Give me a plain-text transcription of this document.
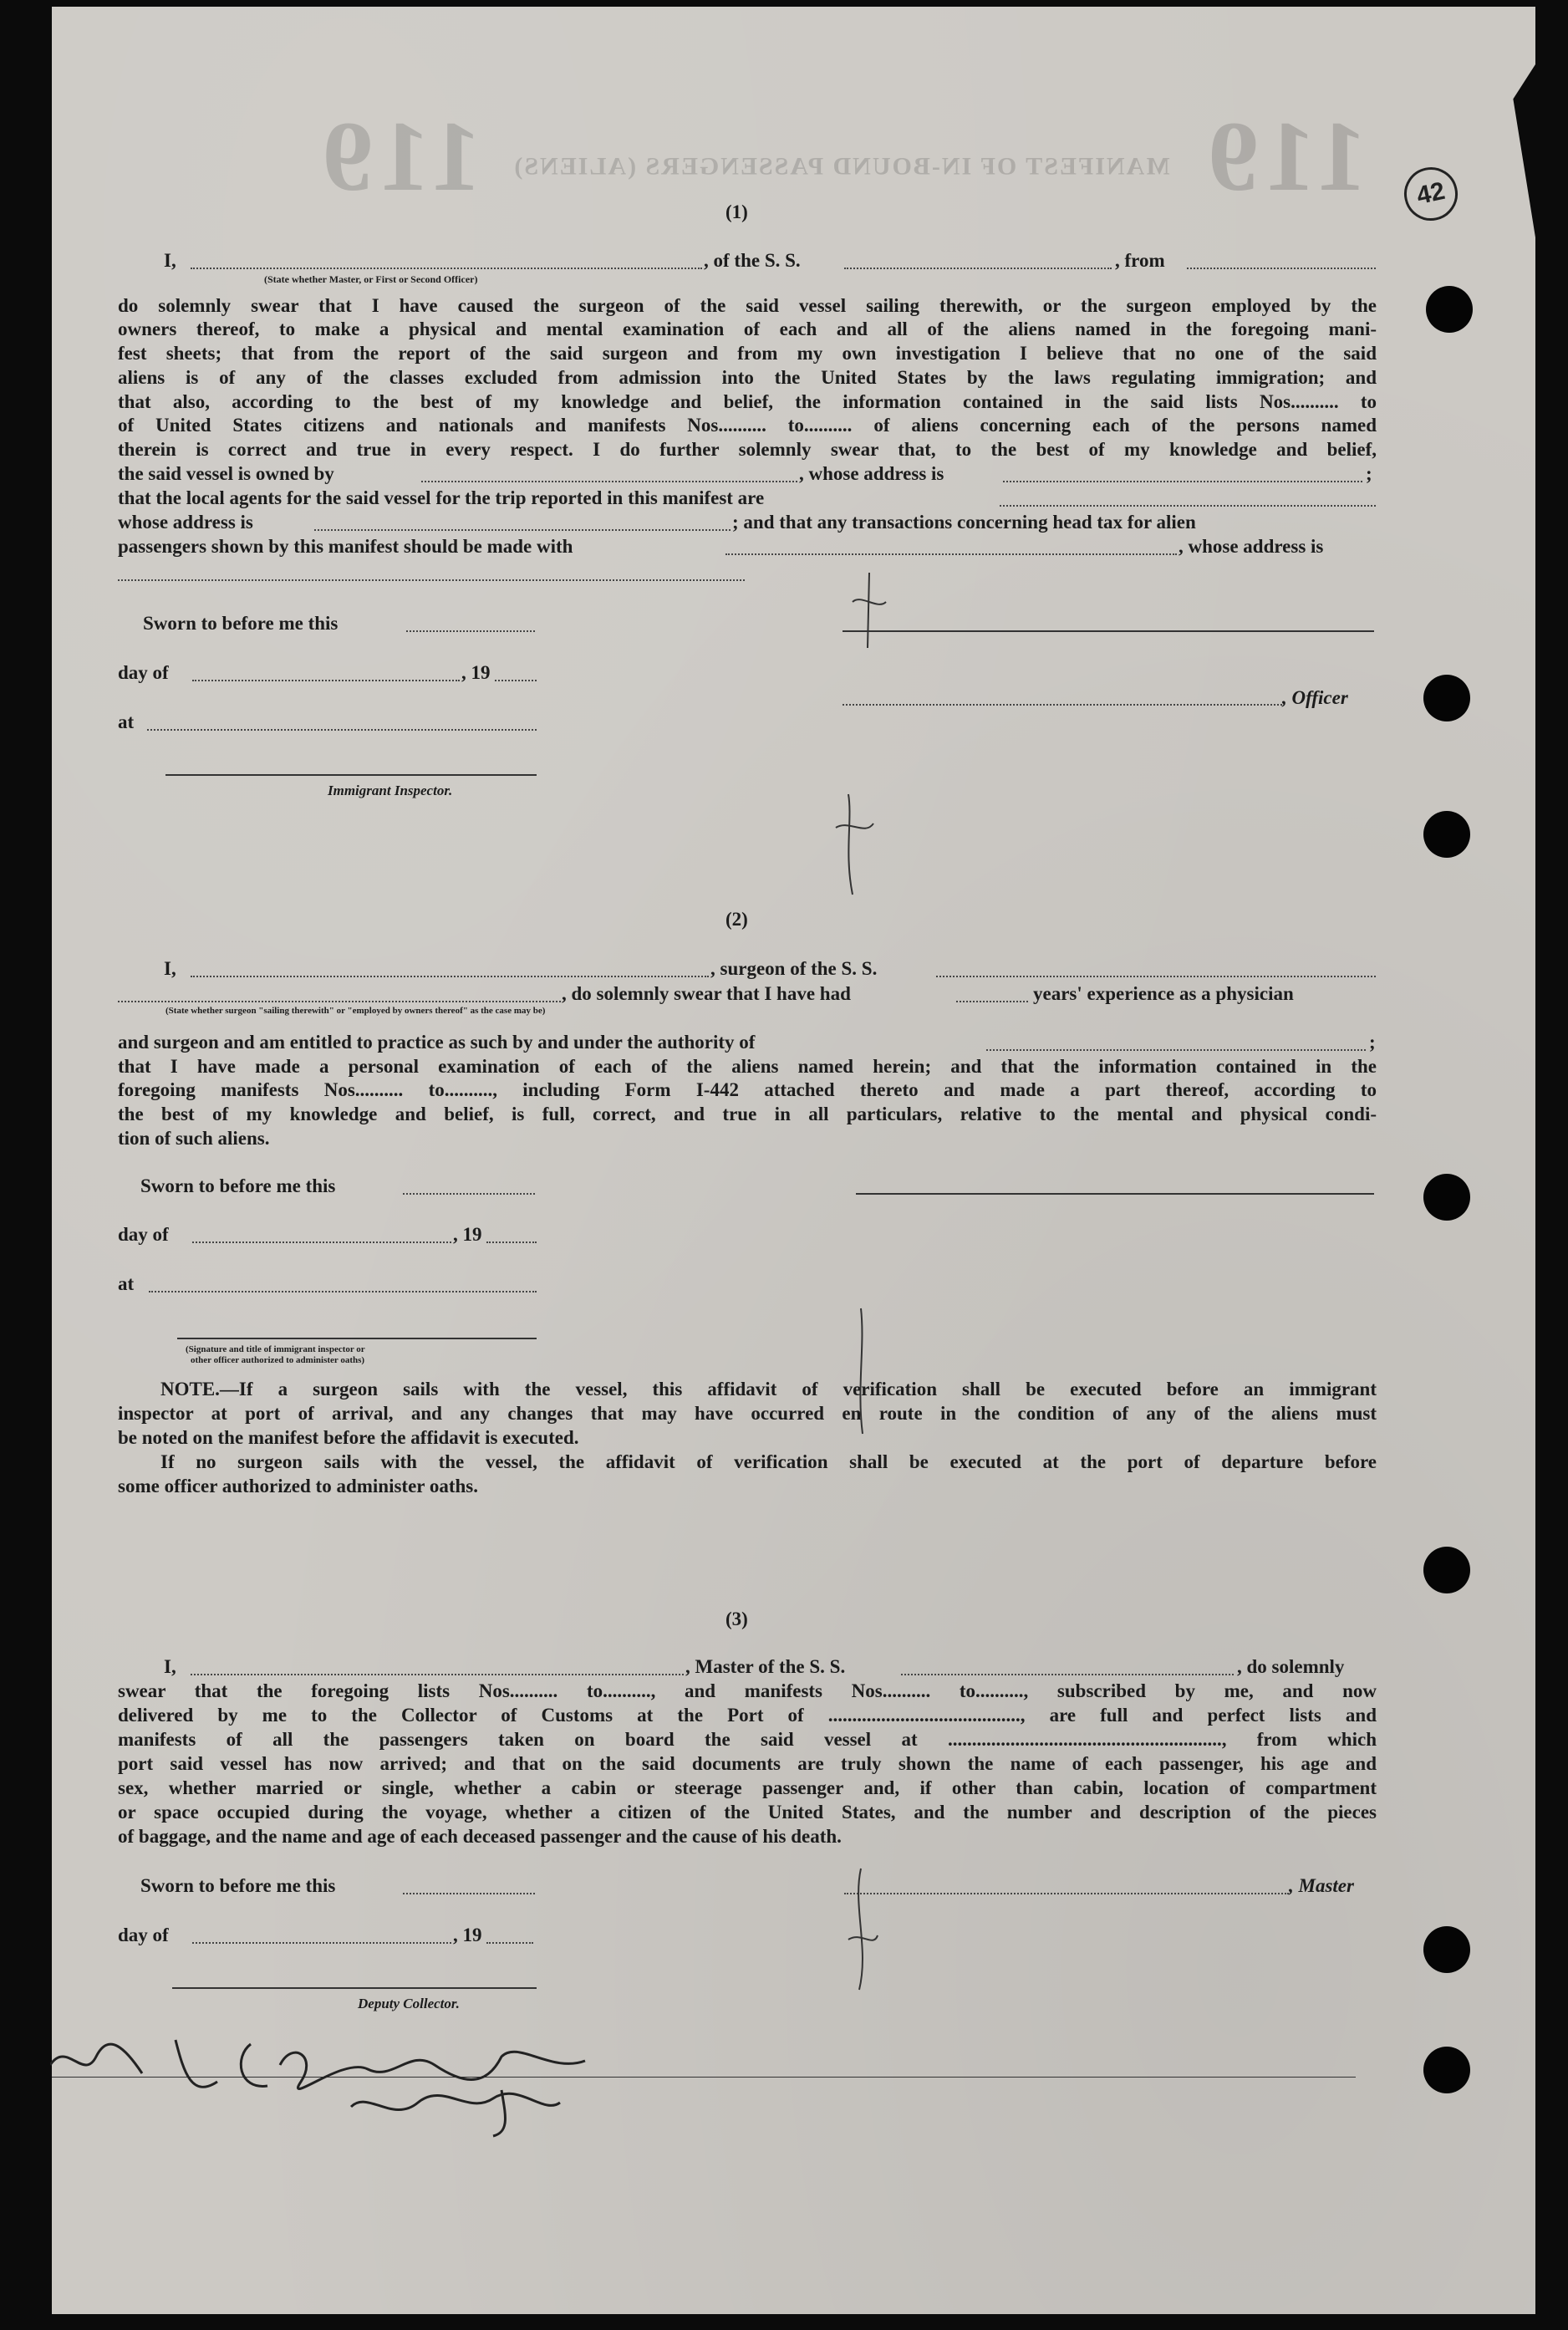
119 MANIFEST OF IN-BOUND PASSENGERS (ALIENS) 119	42
(1)
I,	, of the S. S.	, from
(State whether Master, or First or Second Officer)
do solemnly swear that I have caused the surgeon of the said vessel sailing therewith, or the surgeon employed by the
owners thereof, to make a physical and mental examination of each and all of the aliens named in the foregoing mani-
fest sheets; that from the report of the said surgeon and from my own investigation I believe that no one of the said
aliens is of any of the classes excluded from admission into the United States by the laws regulating immigration; and
that also, according to the best of my knowledge and belief, the information contained in the said lists Nos.......... to
of United States citizens and nationals and manifests Nos.......... to.......... of aliens concerning each of the persons named
therein is correct and true in every respect. I do further solemnly swear that, to the best of my knowledge and belief,
the said vessel is owned by	, whose address is	;
that the local agents for the said vessel for the trip reported in this manifest are
whose address is	; and that any transactions concerning head tax for alien
passengers shown by this manifest should be made with	, whose address is
Sworn to before me this
day of	, 19
, Officer
at
Immigrant Inspector.
(2)
I,	, surgeon of the S. S.
, do solemnly swear that I have had	years' experience as a physician
(State whether surgeon "sailing therewith" or "employed by owners thereof" as the case may be)
and surgeon and am entitled to practice as such by and under the authority of	;
that I have made a personal examination of each of the aliens named herein; and that the information contained in the
foregoing manifests Nos.......... to.........., including Form I-442 attached thereto and made a part thereof, according to
the best of my knowledge and belief, is full, correct, and true in all particulars, relative to the mental and physical condi-
tion of such aliens.
Sworn to before me this
day of	, 19
at
(Signature and title of immigrant inspector or
other officer authorized to administer oaths)
NOTE.—If a surgeon sails with the vessel, this affidavit of verification shall be executed before an immigrant
inspector at port of arrival, and any changes that may have occurred en route in the condition of any of the aliens must
be noted on the manifest before the affidavit is executed.
If no surgeon sails with the vessel, the affidavit of verification shall be executed at the port of departure before
some officer authorized to administer oaths.
(3)
I,	, Master of the S. S.	, do solemnly
swear that the foregoing lists Nos.......... to.........., and manifests Nos.......... to.........., subscribed by me, and now
delivered by me to the Collector of Customs at the Port of ........................................, are full and perfect lists and
manifests of all the passengers taken on board the said vessel at ........................................................., from which
port said vessel has now arrived; and that on the said documents are truly shown the name of each passenger, his age and
sex, whether married or single, whether a cabin or steerage passenger and, if other than cabin, location of compartment
or space occupied during the voyage, whether a citizen of the United States, and the number and description of the pieces
of baggage, and the name and age of each deceased passenger and the cause of his death.
Sworn to before me this	, Master
day of	, 19
Deputy Collector.
